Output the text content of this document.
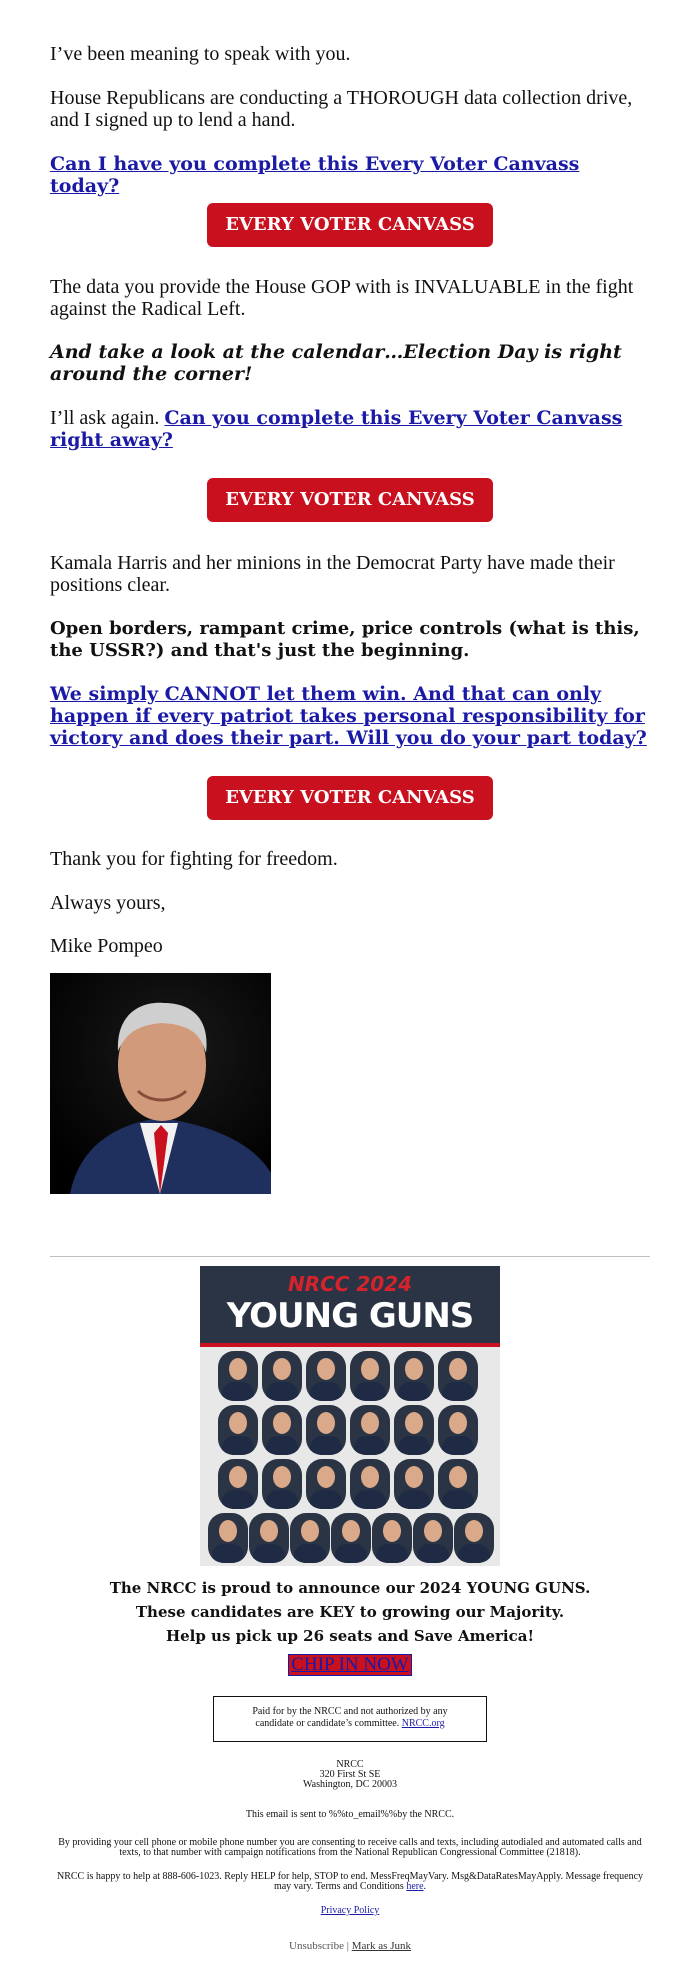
I’ve been meaning to speak with you.
House Republicans are conducting a THOROUGH data collection drive, and I signed up to lend a hand.
Can I have you complete this Every Voter Canvass today?
EVERY VOTER CANVASS
The data you provide the House GOP with is INVALUABLE in the fight against the Radical Left.
And take a look at the calendar…Election Day is right around the corner!
I’ll ask again. Can you complete this Every Voter Canvass right away?
EVERY VOTER CANVASS
Kamala Harris and her minions in the Democrat Party have made their positions clear.
Open borders, rampant crime, price controls (what is this, the USSR?) and that's just the beginning.
We simply CANNOT let them win. And that can only happen if every patriot takes personal responsibility for victory and does their part. Will you do your part today?
EVERY VOTER CANVASS
Thank you for fighting for freedom.
Always yours,
Mike Pompeo
NRCC 2024
YOUNG GUNS
The NRCC is proud to announce our 2024 YOUNG GUNS.
These candidates are KEY to growing our Majority.
Help us pick up 26 seats and Save America!
CHIP IN NOW
Paid for by the NRCC and not authorized by any candidate or candidate’s committee. NRCC.org
NRCC
320 First St SE
Washington, DC 20003
This email is sent to %%to_email%%by the NRCC.
By providing your cell phone or mobile phone number you are consenting to receive calls and texts, including autodialed and automated calls and texts, to that number with campaign notifications from the National Republican Congressional Committee (21818).
NRCC is happy to help at 888-606-1023. Reply HELP for help, STOP to end. MessFreqMayVary. Msg&DataRatesMayApply. Message frequency may vary. Terms and Conditions here.
Privacy Policy
Unsubscribe | Mark as Junk
